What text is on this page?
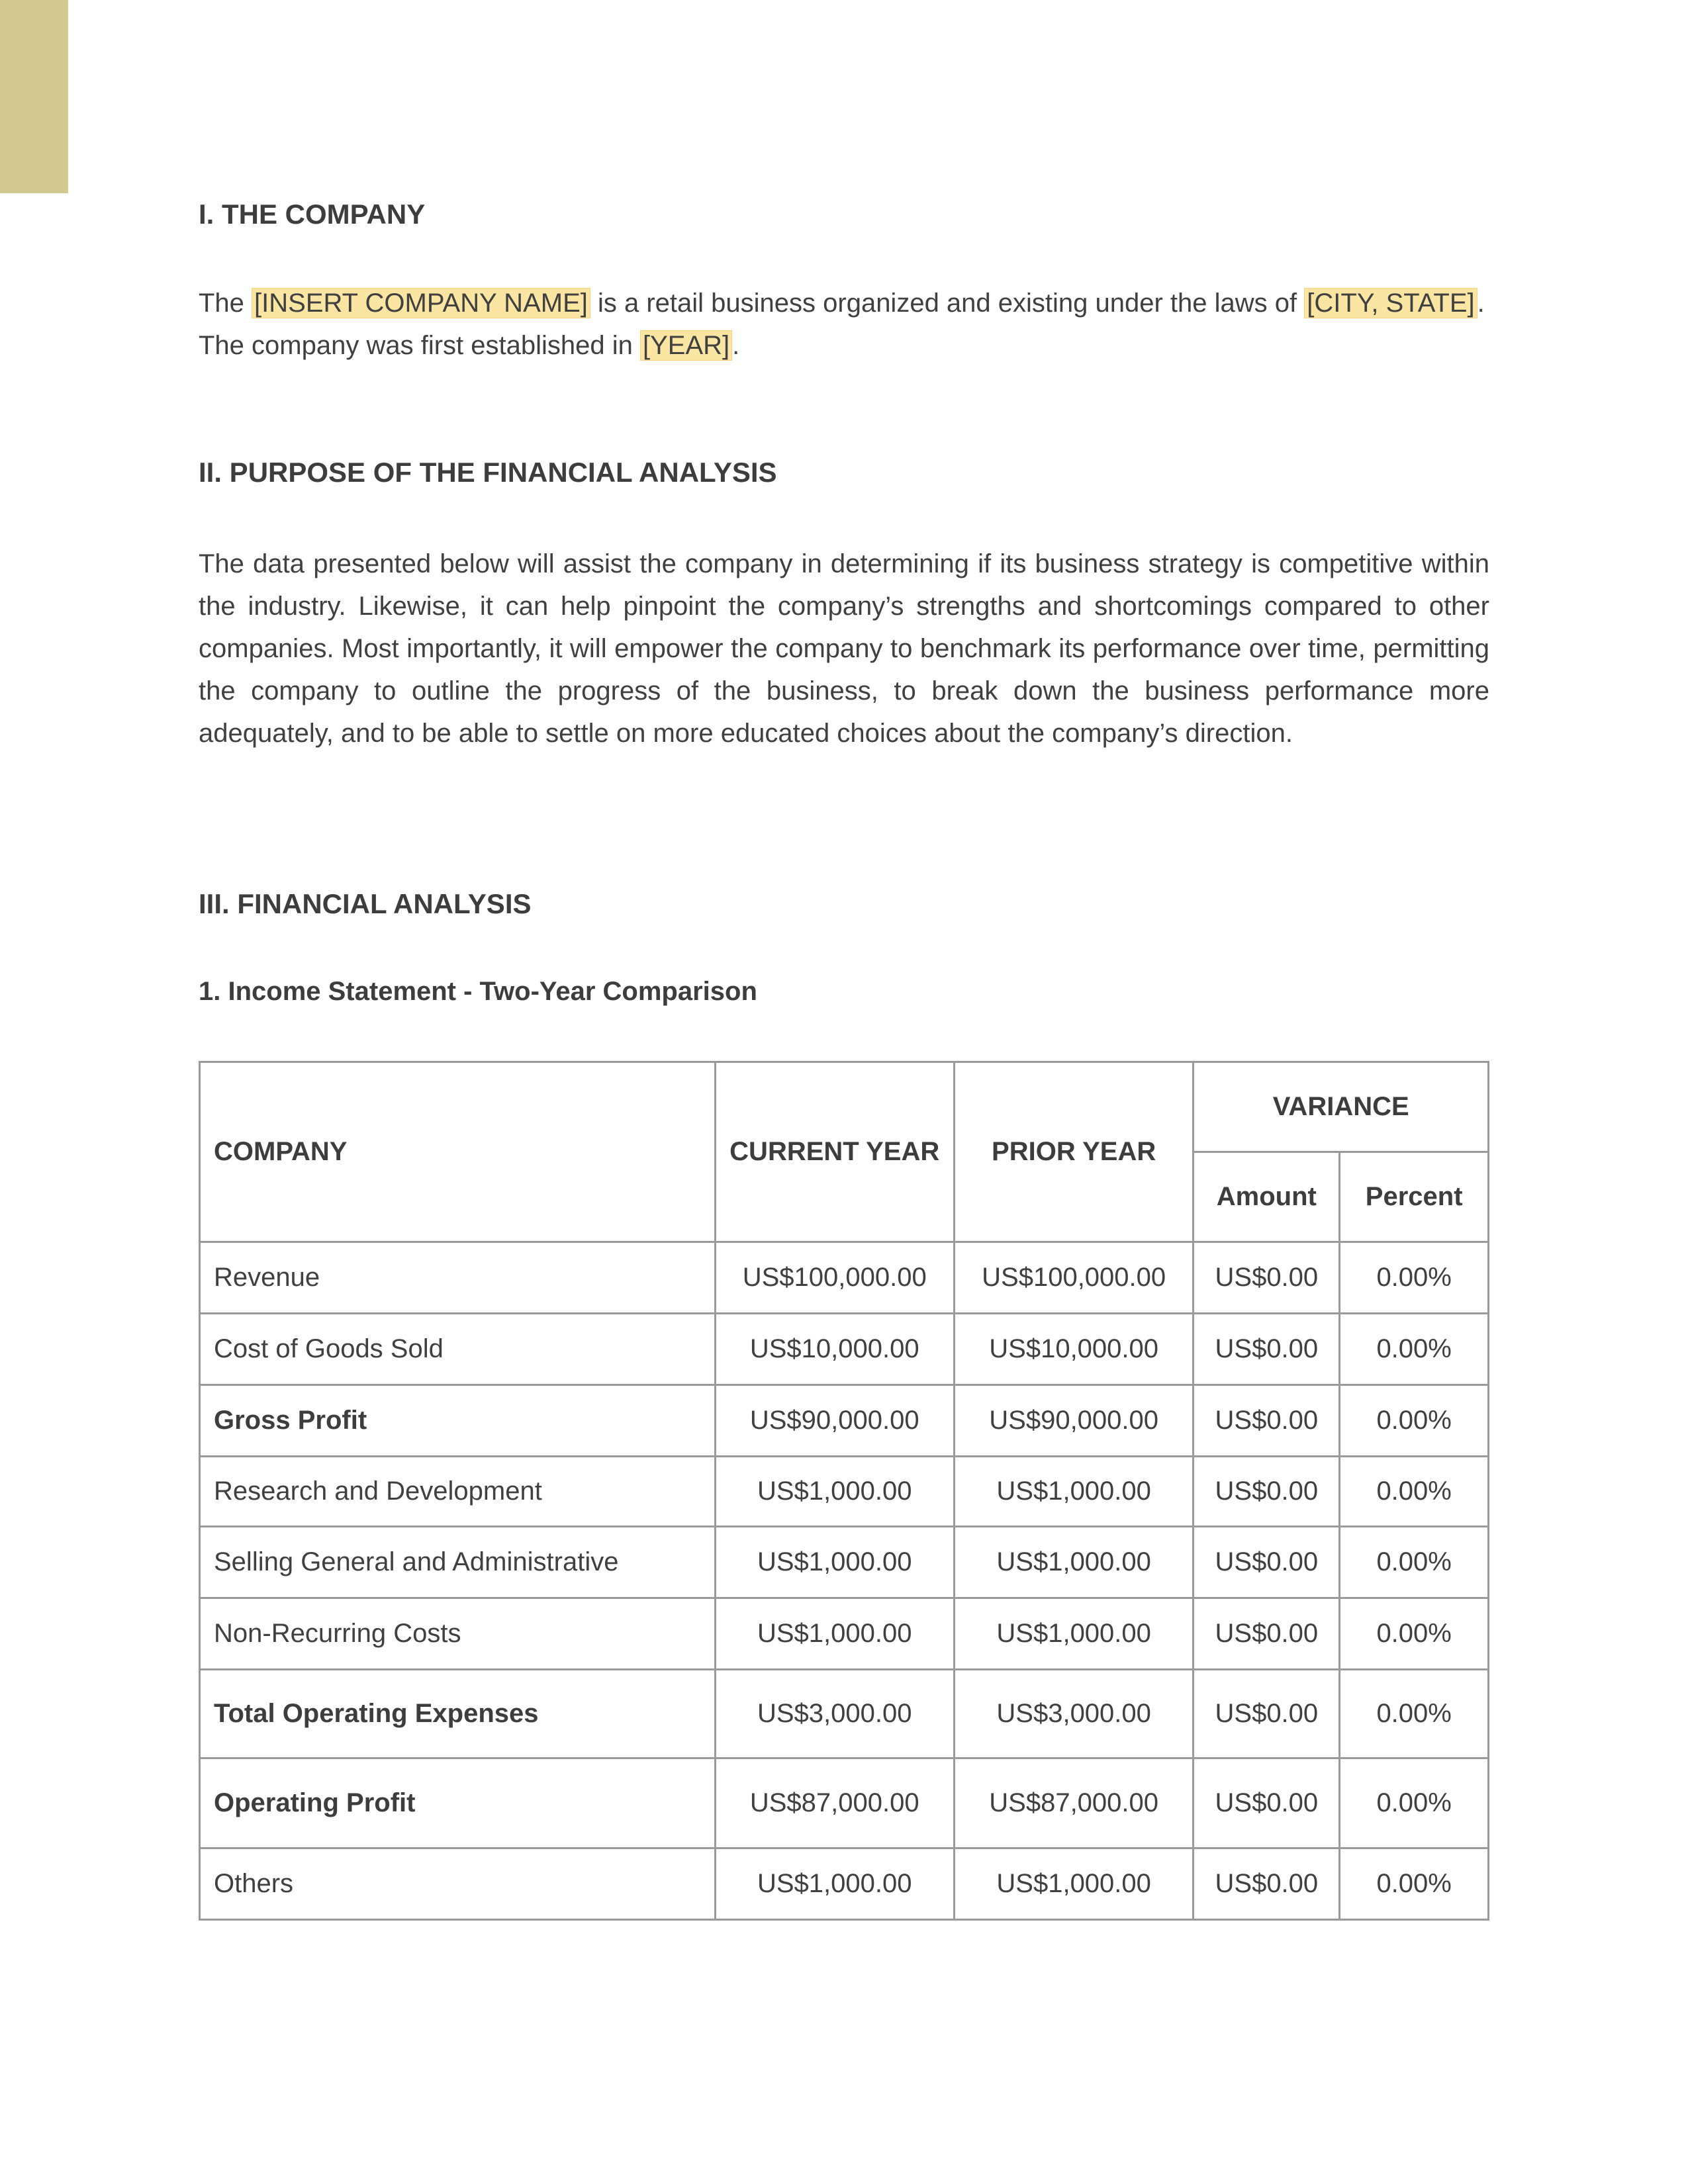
I. THE COMPANY

The [INSERT COMPANY NAME] is a retail business organized and existing under the laws of [CITY, STATE] .
The company was first established in [YEAR] .

II. PURPOSE OF THE FINANCIAL ANALYSIS

The data presented below will assist the company in determining if its business strategy is competitive within the industry. Likewise, it can help pinpoint the company’s strengths and shortcomings compared to other companies. Most importantly, it will empower the company to benchmark its performance over time, permitting the company to outline the progress of the business, to break down the business performance more adequately, and to be able to settle on more educated choices about the company’s direction.

III. FINANCIAL ANALYSIS
1. Income Statement - Two-Year Comparison
COMPANY	CURRENT YEAR	PRIOR YEAR	VARIANCE	
			Amount	Percent
Revenue	US$100,000.00	US$100,000.00	US$0.00	0.00%
Cost of Goods Sold	US$10,000.00	US$10,000.00	US$0.00	0.00%
Gross Profit	US$90,000.00	US$90,000.00	US$0.00	0.00%
Research and Development	US$1,000.00	US$1,000.00	US$0.00	0.00%
Selling General and Administrative	US$1,000.00	US$1,000.00	US$0.00	0.00%
Non-Recurring Costs	US$1,000.00	US$1,000.00	US$0.00	0.00%
Total Operating Expenses	US$3,000.00	US$3,000.00	US$0.00	0.00%
Operating Profit	US$87,000.00	US$87,000.00	US$0.00	0.00%
Others	US$1,000.00	US$1,000.00	US$0.00	0.00%
